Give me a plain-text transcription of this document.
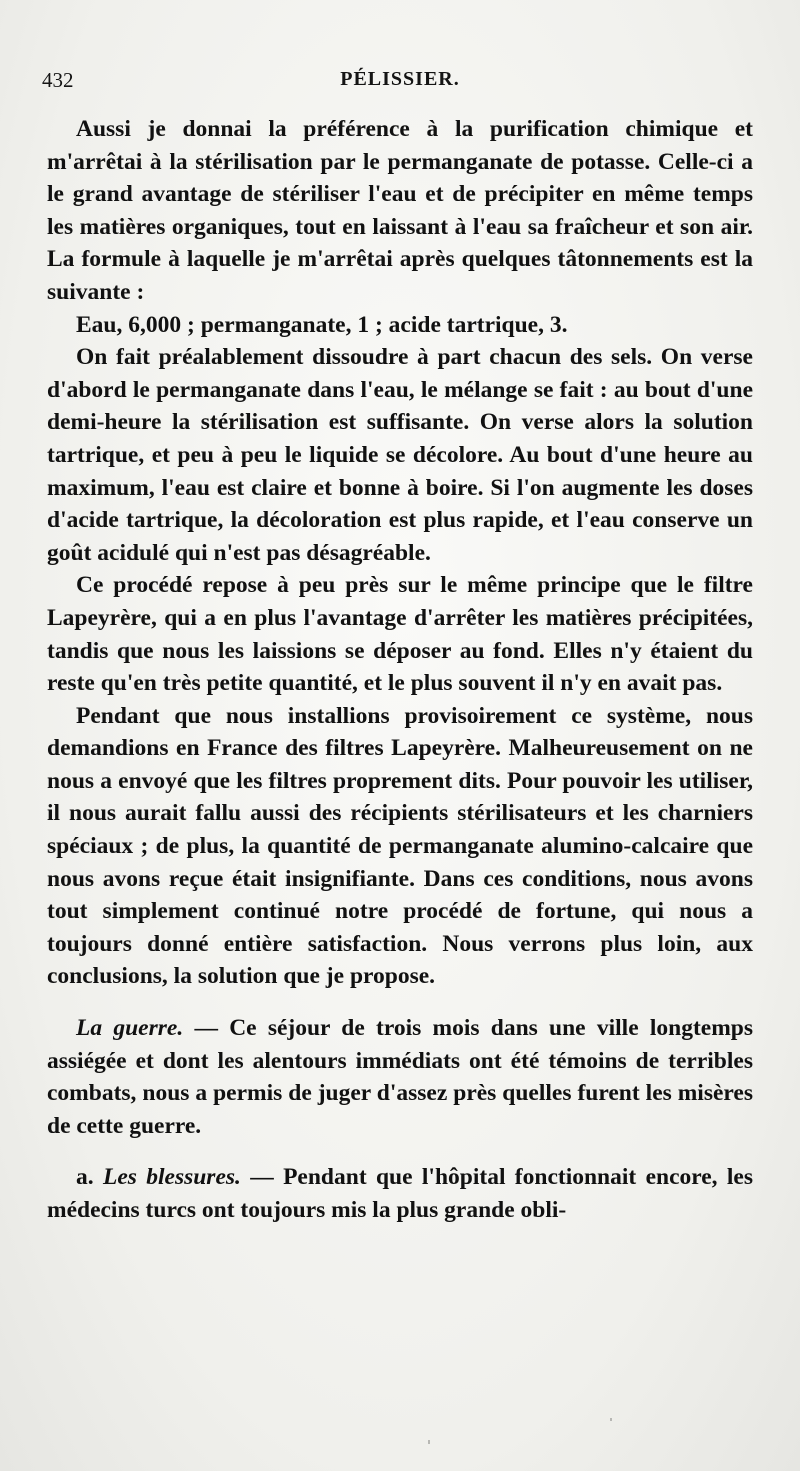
432	PÉLISSIER.

Aussi je donnai la préférence à la purification chimique et m'arrêtai à la stérilisation par le permanganate de potasse. Celle-ci a le grand avantage de stériliser l'eau et de précipiter en même temps les matières organiques, tout en laissant à l'eau sa fraîcheur et son air. La formule à laquelle je m'arrêtai après quelques tâtonnements est la suivante :

Eau, 6,000 ; permanganate, 1 ; acide tartrique, 3.

On fait préalablement dissoudre à part chacun des sels. On verse d'abord le permanganate dans l'eau, le mélange se fait : au bout d'une demi-heure la stérilisation est suffisante. On verse alors la solution tartrique, et peu à peu le liquide se décolore. Au bout d'une heure au maximum, l'eau est claire et bonne à boire. Si l'on augmente les doses d'acide tartrique, la décoloration est plus rapide, et l'eau conserve un goût acidulé qui n'est pas désagréable.

Ce procédé repose à peu près sur le même principe que le filtre Lapeyrère, qui a en plus l'avantage d'arrêter les matières précipitées, tandis que nous les laissions se déposer au fond. Elles n'y étaient du reste qu'en très petite quantité, et le plus souvent il n'y en avait pas.

Pendant que nous installions provisoirement ce système, nous demandions en France des filtres Lapeyrère. Malheureusement on ne nous a envoyé que les filtres proprement dits. Pour pouvoir les utiliser, il nous aurait fallu aussi des récipients stérilisateurs et les charniers spéciaux ; de plus, la quantité de permanganate alumino-calcaire que nous avons reçue était insignifiante. Dans ces conditions, nous avons tout simplement continué notre procédé de fortune, qui nous a toujours donné entière satisfaction. Nous verrons plus loin, aux conclusions, la solution que je propose.

La guerre. — Ce séjour de trois mois dans une ville longtemps assiégée et dont les alentours immédiats ont été témoins de terribles combats, nous a permis de juger d'assez près quelles furent les misères de cette guerre.

a. Les blessures. — Pendant que l'hôpital fonctionnait encore, les médecins turcs ont toujours mis la plus grande obli-
